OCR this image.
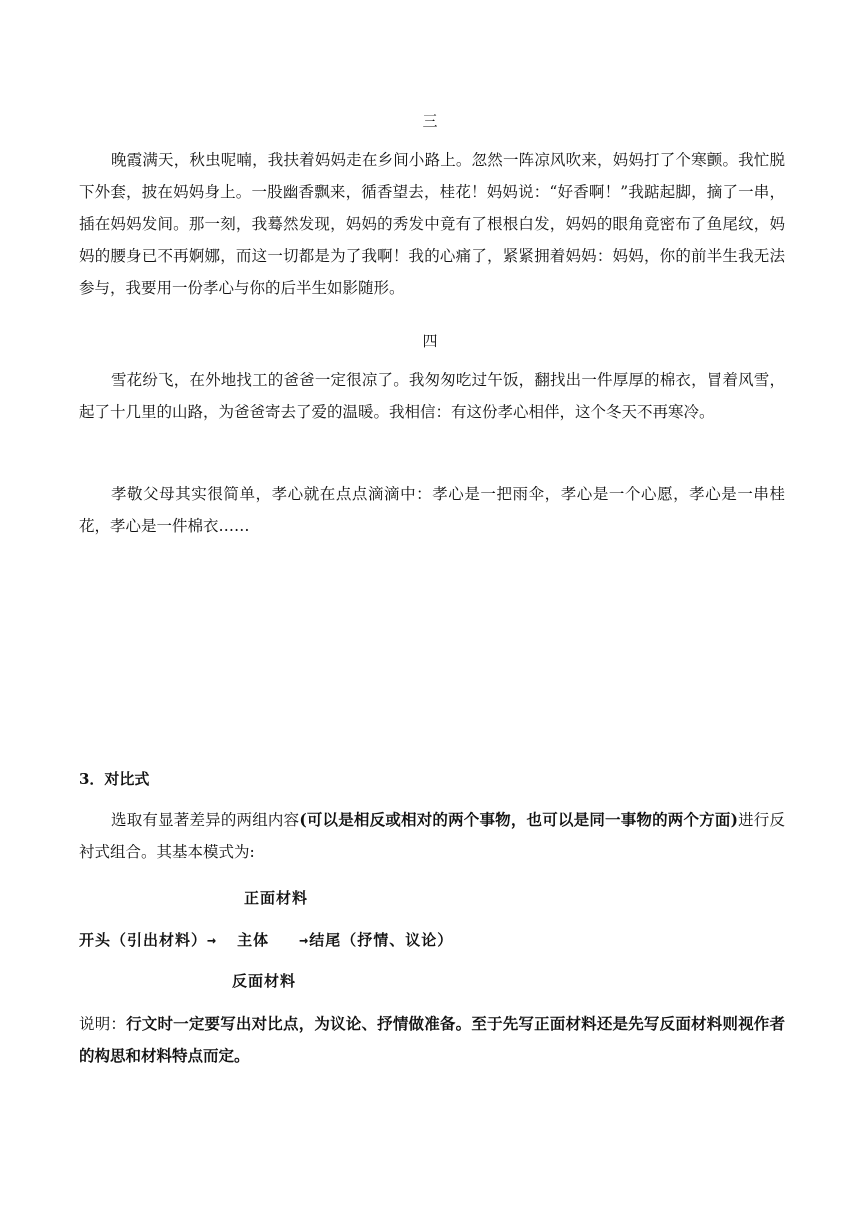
三
晚霞满天，秋虫呢喃，我扶着妈妈走在乡间小路上。忽然一阵凉风吹来，妈妈打了个寒颤。我忙脱下外套，披在妈妈身上。一股幽香飘来，循香望去，桂花！妈妈说：“好香啊！”我踮起脚，摘了一串，插在妈妈发间。那一刻，我蓦然发现，妈妈的秀发中竟有了根根白发，妈妈的眼角竟密布了鱼尾纹，妈妈的腰身已不再婀娜，而这一切都是为了我啊！我的心痛了，紧紧拥着妈妈：妈妈，你的前半生我无法参与，我要用一份孝心与你的后半生如影随形。
四
雪花纷飞，在外地找工的爸爸一定很凉了。我匆匆吃过午饭，翻找出一件厚厚的棉衣，冒着风雪，起了十几里的山路，为爸爸寄去了爱的温暖。我相信：有这份孝心相伴，这个冬天不再寒冷。
孝敬父母其实很简单，孝心就在点点滴滴中：孝心是一把雨伞，孝心是一个心愿，孝心是一串桂花，孝心是一件棉衣……
3．对比式
选取有显著差异的两组内容(可以是相反或相对的两个事物，也可以是同一事物的两个方面)进行反衬式组合。其基本模式为:
正面材料
开头（引出材料）→  主体   →结尾（抒情、议论）
反面材料
说明：行文时一定要写出对比点，为议论、抒情做准备。至于先写正面材料还是先写反面材料则视作者的构思和材料特点而定。
